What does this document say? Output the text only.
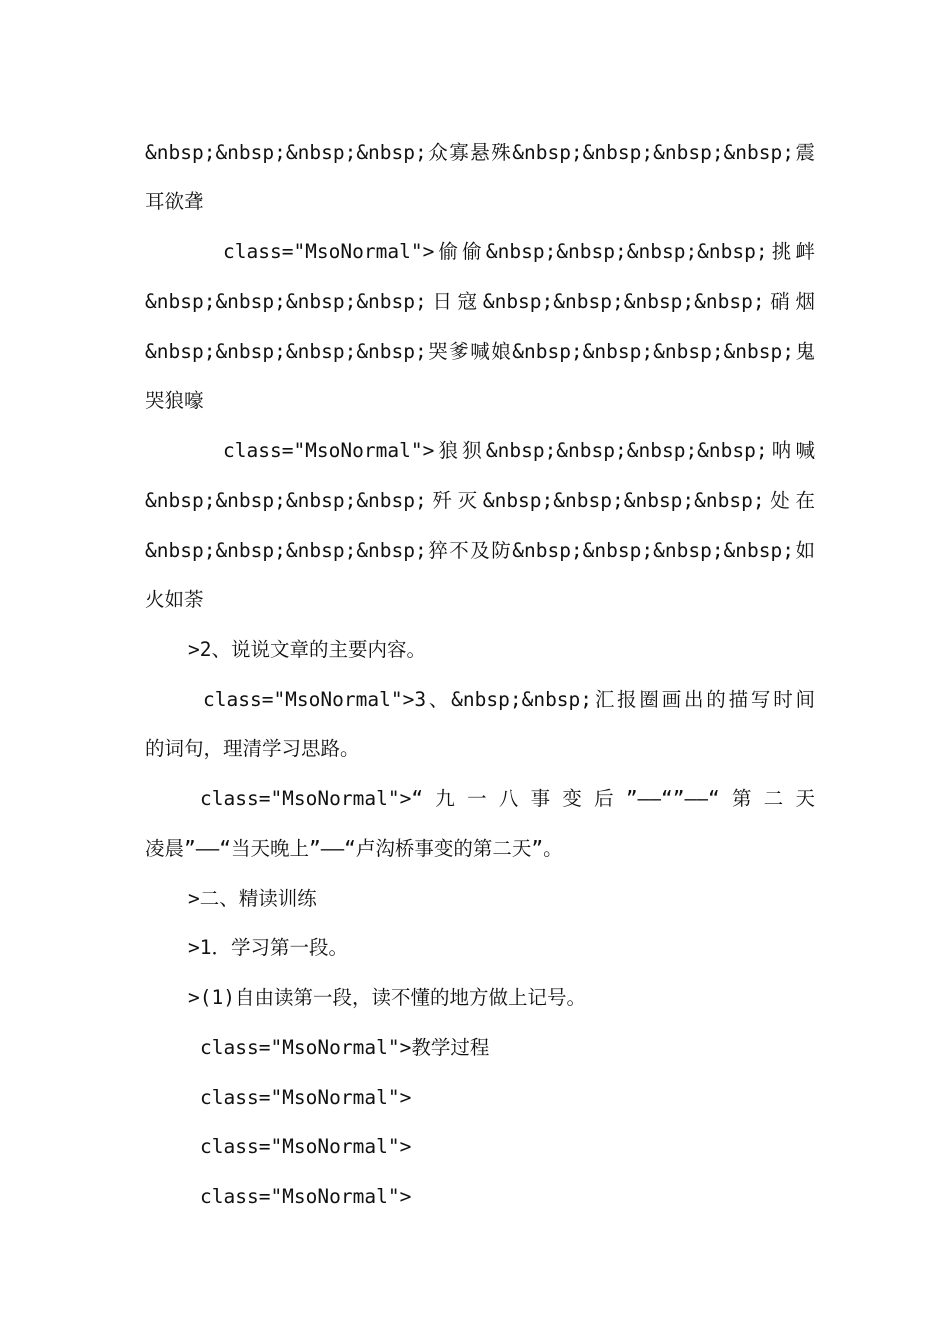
&nbsp;&nbsp;&nbsp;&nbsp;众寡悬殊&nbsp;&nbsp;&nbsp;&nbsp;震
耳欲聋
class="MsoNormal">偷偷&nbsp;&nbsp;&nbsp;&nbsp;挑衅
&nbsp;&nbsp;&nbsp;&nbsp;日寇&nbsp;&nbsp;&nbsp;&nbsp;硝烟
&nbsp;&nbsp;&nbsp;&nbsp;哭爹喊娘&nbsp;&nbsp;&nbsp;&nbsp;鬼
哭狼嚎
class="MsoNormal">狼狈&nbsp;&nbsp;&nbsp;&nbsp;呐喊
&nbsp;&nbsp;&nbsp;&nbsp;歼灭&nbsp;&nbsp;&nbsp;&nbsp;处在
&nbsp;&nbsp;&nbsp;&nbsp;猝不及防&nbsp;&nbsp;&nbsp;&nbsp;如
火如荼
>2、说说文章的主要内容。
class="MsoNormal">3、&nbsp;&nbsp;汇报圈画出的描写时间
的词句，理清学习思路。
class="MsoNormal">“九一八事变后”——“”——“第二天
凌晨”——“当天晚上”——“卢沟桥事变的第二天”。
>二、精读训练
>1．学习第一段。
>(1)自由读第一段，读不懂的地方做上记号。
class="MsoNormal">教学过程
class="MsoNormal">
class="MsoNormal">
class="MsoNormal">
